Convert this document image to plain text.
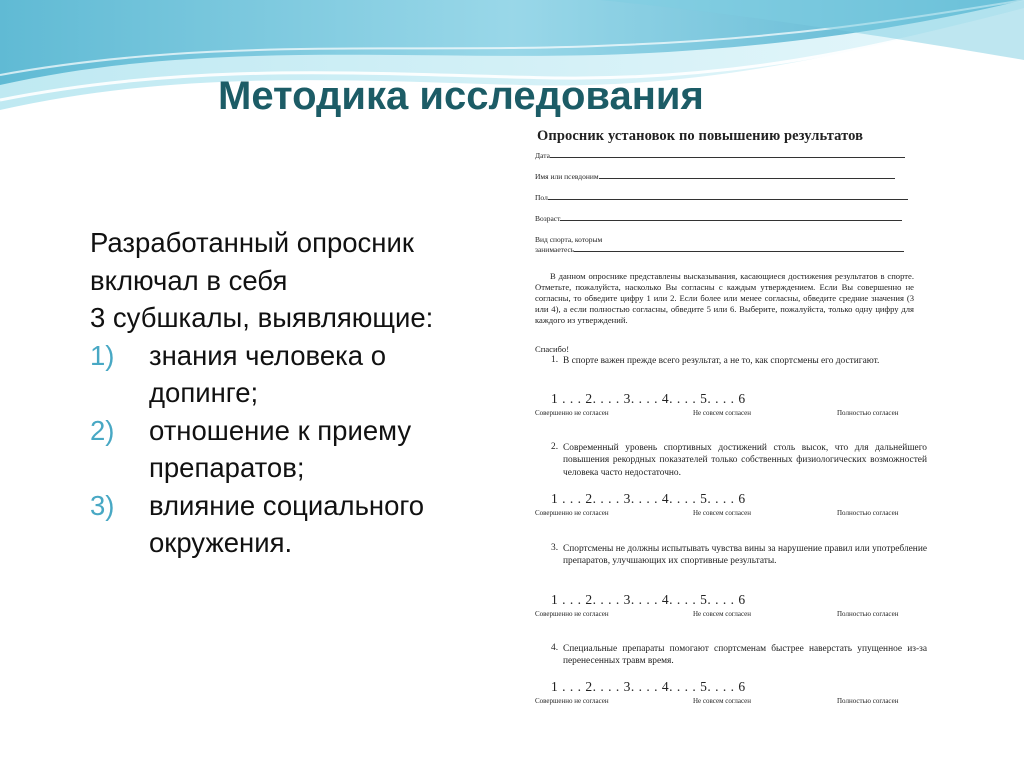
Методика исследования
Разработанный опросник
включал в себя
3 субшкалы, выявляющие:
1) знания человека о
допинге;
2) отношение к приему
препаратов;
3) влияние социального
окружения.
Опросник установок по повышению результатов
Дата
Имя или псевдоним
Пол
Возраст
Вид спорта, которым
занимаетесь
В данном опроснике представлены высказывания, касающиеся достижения результатов в спорте. Отметьте, пожалуйста, насколько Вы согласны с каждым утверждением. Если Вы совершенно не согласны, то обведите цифру 1 или 2. Если более или менее согласны, обведите средние значения (3 или 4), а если полностью согласны, обведите 5 или 6. Выберите, пожалуйста, только одну цифру для каждого из утверждений.
Спасибо!
1. В спорте важен прежде всего результат, а не то, как спортсмены его достигают.
1 . . . 2. . . . 3. . . . 4. . . . 5. . . . 6
Совершенно не согласен	Не совсем согласен	Полностью согласен
2. Современный уровень спортивных достижений столь высок, что для дальнейшего повышения рекордных показателей только собственных физиологических возможностей человека часто недостаточно.
1 . . . 2. . . . 3. . . . 4. . . . 5. . . . 6
Совершенно не согласен	Не совсем согласен	Полностью согласен
3. Спортсмены не должны испытывать чувства вины за нарушение правил или употребление препаратов, улучшающих их спортивные результаты.
1 . . . 2. . . . 3. . . . 4. . . . 5. . . . 6
Совершенно не согласен	Не совсем согласен	Полностью согласен
4. Специальные препараты помогают спортсменам быстрее наверстать упущенное из-за перенесенных травм время.
1 . . . 2. . . . 3. . . . 4. . . . 5. . . . 6
Совершенно не согласен	Не совсем согласен	Полностью согласен
